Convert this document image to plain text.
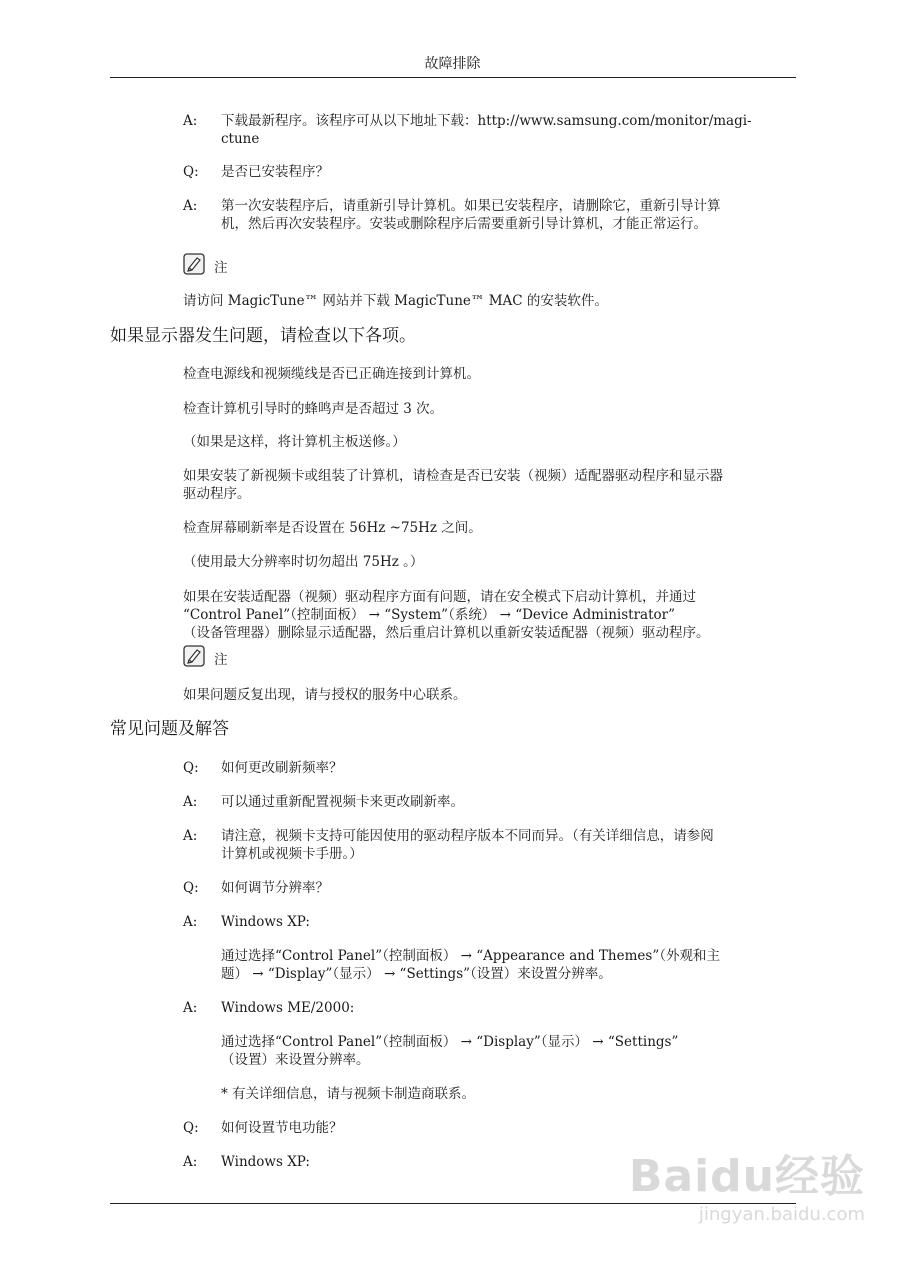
故障排除
A:	下载最新程序。该程序可从以下地址下载：http://www.samsung.com/monitor/magi-
ctune
Q:	是否已安装程序？
A:	第一次安装程序后，请重新引导计算机。如果已安装程序，请删除它，重新引导计算
机，然后再次安装程序。安装或删除程序后需要重新引导计算机，才能正常运行。
注
请访问 MagicTune™ 网站并下载 MagicTune™ MAC 的安装软件。
如果显示器发生问题，请检查以下各项。
检查电源线和视频缆线是否已正确连接到计算机。
检查计算机引导时的蜂鸣声是否超过 3 次。
（如果是这样，将计算机主板送修。）
如果安装了新视频卡或组装了计算机，请检查是否已安装（视频）适配器驱动程序和显示器
驱动程序。
检查屏幕刷新率是否设置在 56Hz ~75Hz 之间。
（使用最大分辨率时切勿超出 75Hz 。）
如果在安装适配器（视频）驱动程序方面有问题，请在安全模式下启动计算机，并通过
“Control Panel”（控制面板） → “System”（系统） → “Device Administrator”
（设备管理器）删除显示适配器，然后重启计算机以重新安装适配器（视频）驱动程序。
注
如果问题反复出现，请与授权的服务中心联系。
常见问题及解答
Q:	如何更改刷新频率？
A:	可以通过重新配置视频卡来更改刷新率。
A:	请注意，视频卡支持可能因使用的驱动程序版本不同而异。（有关详细信息，请参阅
计算机或视频卡手册。）
Q:	如何调节分辨率？
A:	Windows XP:
通过选择“Control Panel”（控制面板） → “Appearance and Themes”（外观和主
题） → “Display”（显示） → “Settings”（设置）来设置分辨率。
A:	Windows ME/2000:
通过选择“Control Panel”（控制面板） → “Display”（显示） → “Settings”
（设置）来设置分辨率。
* 有关详细信息，请与视频卡制造商联系。
Q:	如何设置节电功能？
A:	Windows XP:	Baidu经验
jingyan.baidu.com
